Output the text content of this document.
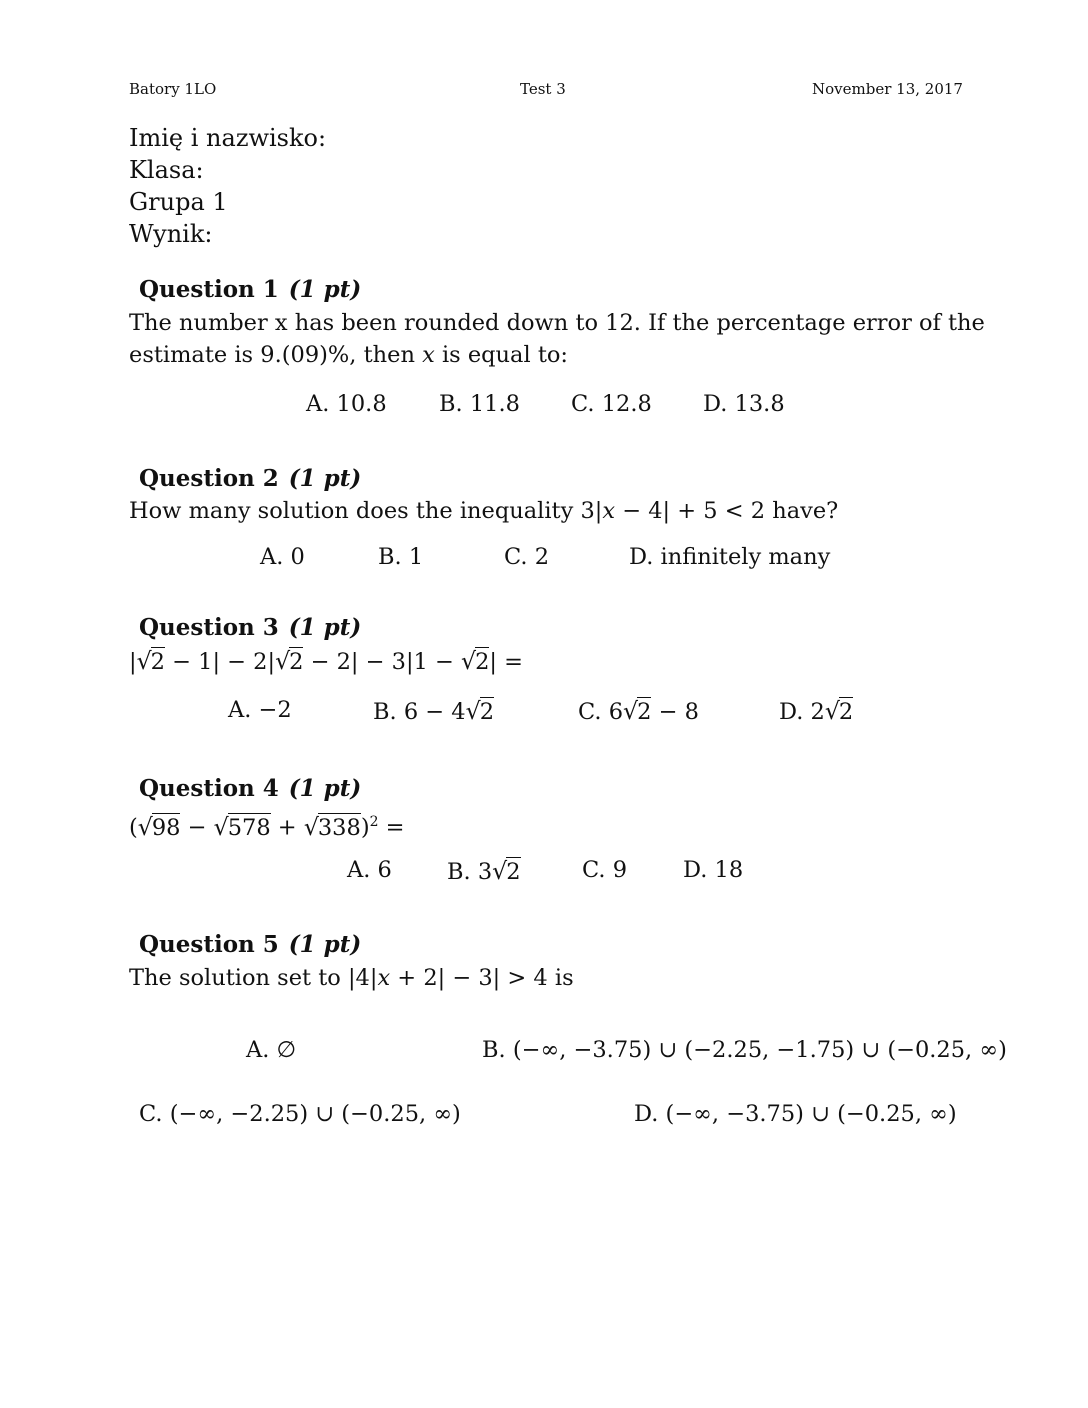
Batory 1LO	Test 3	November 13, 2017
Imię i nazwisko:
Klasa:
Grupa 1
Wynik:
Question 1 (1 pt)
The number x has been rounded down to 12. If the percentage error of the
estimate is 9.(09)%, then x is equal to:
A. 10.8 B. 11.8 C. 12.8 D. 13.8
Question 2 (1 pt)
How many solution does the inequality 3|x − 4| + 5 < 2 have?
A. 0	B. 1	C. 2	D. infinitely many
Question 3 (1 pt)
|√2 − 1| − 2|√2 − 2| − 3|1 − √2| =
A. −2	B. 6 − 4√2	C. 6√2 − 8	D. 2√2
Question 4 (1 pt)
$(√98 - √578 + √338)^2$ =
A. 6 B. 3√2	C. 9 D. 18
Question 5 (1 pt)
The solution set to |4|x + 2| − 3| > 4 is
A. ∅	B. (−∞, −3.75) ∪ (−2.25, −1.75) ∪ (−0.25, ∞)
C. (−∞, −2.25) ∪ (−0.25, ∞)	D. (−∞, −3.75) ∪ (−0.25, ∞)
